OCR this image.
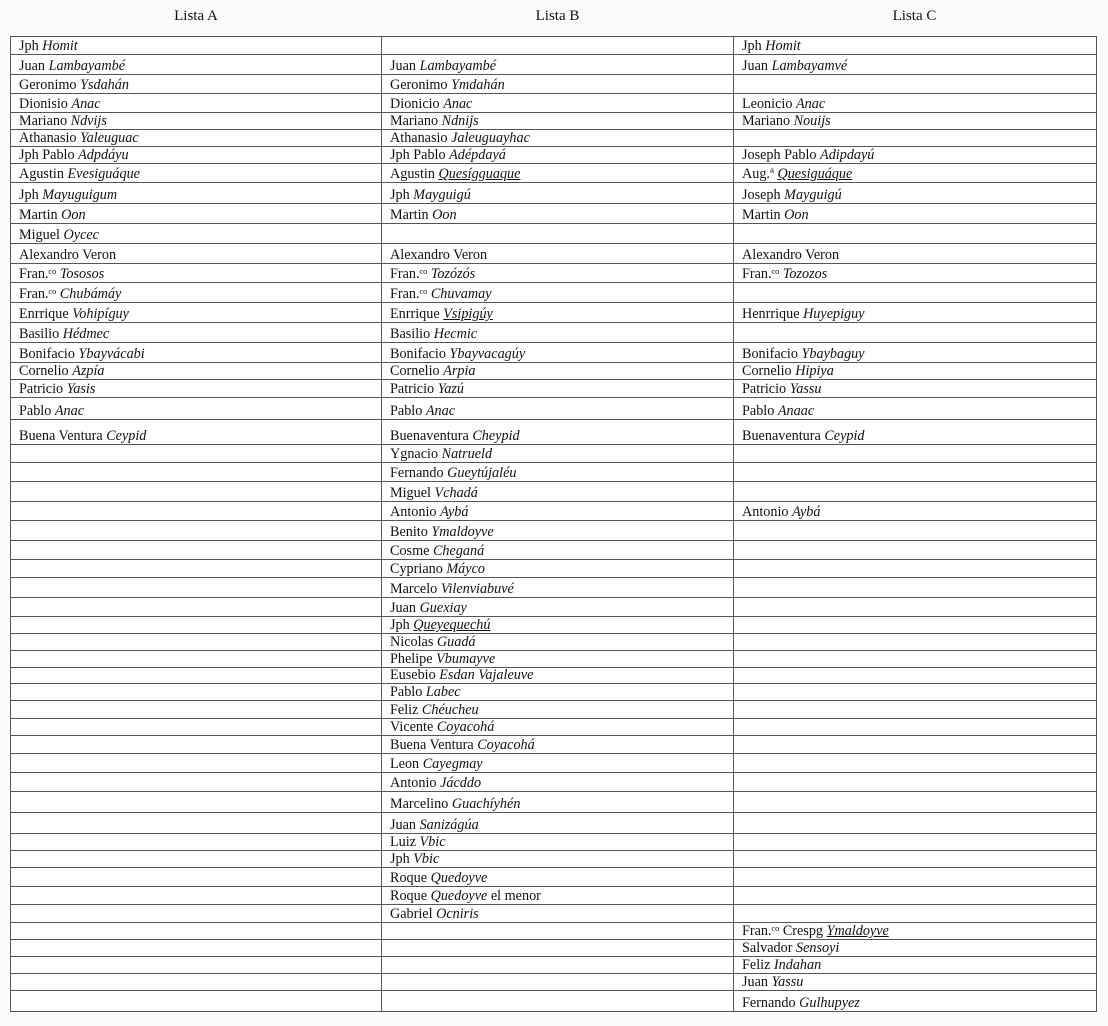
Lista A	Lista B	Lista C
Jph Homit		Jph Homit
Juan Lambayambé	Juan Lambayambé	Juan Lambayamvé
Geronimo Ysdahán	Geronimo Ymdahán	
Dionisio Anac	Dionicio Anac	Leonicio Anac
Mariano Ndvijs	Mariano Ndnijs	Mariano Nouijs
Athanasio Yaleuguac	Athanasio Jaleuguayhac	
Jph Pablo Adpdáyu	Jph Pablo Adépdayá	Joseph Pablo Adipdayú
Agustin Evesiguáque	Agustin Quesígguaque	Aug.ª Quesiguáque
Jph Mayuguigum	Jph Mayguigú	Joseph Mayguigú
Martin Oon	Martin Oon	Martin Oon
Miguel Oycec		
Alexandro Veron	Alexandro Veron	Alexandro Veron
Fran.ᶜᵒ Tososos	Fran.ᶜᵒ Tozózós	Fran.ᶜᵒ Tozozos
Fran.ᶜᵒ Chubámáy	Fran.ᶜᵒ Chuvamay	
Enrrique Vohipíguy	Enrrique Vsipigúy	Henrrique Huyepiguy
Basilio Hédmec	Basilio Hecmic	
Bonifacio Ybayvácabi	Bonifacio Ybayvacagúy	Bonifacio Ybaybaguy
Cornelio Azpía	Cornelio Arpia	Cornelio Hipiya
Patricio Yasis	Patricio Yazú	Patricio Yassu
Pablo Anac	Pablo Anac	Pablo Anaac
Buena Ventura Ceypid	Buenaventura Cheypid	Buenaventura Ceypid
	Ygnacio Natrueld	
	Fernando Gueytújaléu	
	Miguel Vchadá	
	Antonio Aybá	Antonio Aybá
	Benito Ymaldoyve	
	Cosme Cheganá	
	Cypriano Máyco	
	Marcelo Vilenviabuvé	
	Juan Guexiay	
	Jph Queyequechú	
	Nicolas Guadá	
	Phelipe Vbumayve	
	Eusebio Esdan Vajaleuve	
	Pablo Labec	
	Feliz Chéucheu	
	Vicente Coyacohá	
	Buena Ventura Coyacohá	
	Leon Cayegmay	
	Antonio Jácddo	
	Marcelino Guachíyhén	
	Juan Sanizágúa	
	Luiz Vbic	
	Jph Vbic	
	Roque Quedoyve	
	Roque Quedoyve el menor	
	Gabriel Ocniris	
		Fran.ᶜᵒ Crespg Ymaldoyve
		Salvador Sensoyi
		Feliz Indahan
		Juan Yassu
		Fernando Gulhupyez
